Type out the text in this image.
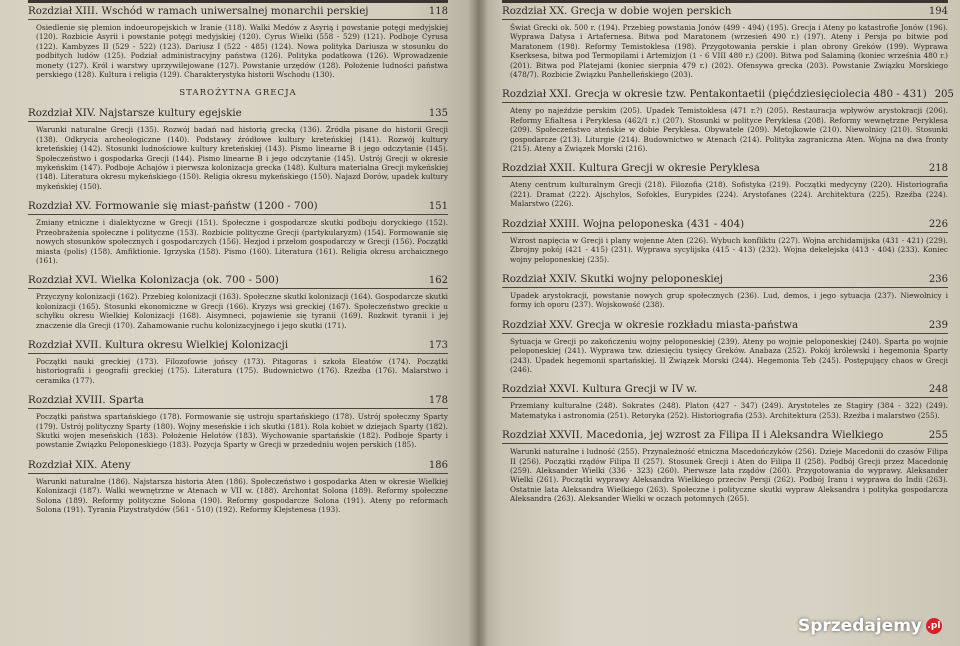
Rozdział XIII. Wschód w ramach uniwersalnej monarchii perskiej	118
Osiedlenie się plemion indoeuropejskich w Iranie (118). Walki Medów z Asyrią i powstanie potęgi medyjskiej (120). Rozbicie Asyrii i powstanie potęgi medyjskiej (120). Cyrus Wielki (558 - 529) (121). Podboje Cyrusa (122). Kambyzes II (529 - 522) (123). Dariusz I (522 - 485) (124). Nowa polityka Dariusza w stosunku do podbitych ludów (125). Podział administracyjny państwa (126). Polityka podatkowa (126). Wprowadzenie monety (127). Król i warstwy uprzywilejowane (127). Powstanie urzędów (128). Położenie ludności państwa perskiego (128). Kultura i religia (129). Charakterystyka historii Wschodu (130).
STAROŻYTNA GRECJA
Rozdział XIV. Najstarsze kultury egejskie	135
Warunki naturalne Grecji (135). Rozwój badań nad historią grecką (136). Źródła pisane do historii Grecji (138). Odkrycia archeologiczne (140). Podstawy źródłowe kultury kreteńskiej (141). Rozwój kultury kreteńskiej (142). Stosunki ludnościowe kultury kreteńskiej (143). Pismo linearne B i jego odczytanie (145). Społeczeństwo i gospodarka Grecji (144). Pismo linearne B i jego odczytanie (145). Ustrój Grecji w okresie mykeńskim (147). Podboje Achajów i pierwsza kolonizacja grecka (148). Kultura materialna Grecji mykeńskiej (148). Literatura okresu mykeńskiego (150). Religia okresu mykeńskiego (150). Najazd Dorów, upadek kultury mykeńskiej (150).
Rozdział XV. Formowanie się miast-państw (1200 - 700)	151
Zmiany etniczne i dialektyczne w Grecji (151). Społeczne i gospodarcze skutki podboju doryckiego (152). Przeobrażenia społeczne i polityczne (153). Rozbicie polityczne Grecji (partykularyzm) (154). Formowanie się nowych stosunków społecznych i gospodarczych (156). Hezjod i przełom gospodarczy w Grecji (156). Początki miasta (polis) (158). Amfiktionie. Igrzyska (158). Pismo (160). Literatura (161). Religia okresu archaicznego (161).
Rozdział XVI. Wielka Kolonizacja (ok. 700 - 500)	162
Przyczyny kolonizacji (162). Przebieg kolonizacji (163). Społeczne skutki kolonizacji (164). Gospodarcze skutki kolonizacji (165). Stosunki ekonomiczne w Grecji (166). Kryzys wsi greckiej (167). Społeczeństwo greckie u schyłku okresu Wielkiej Kolonizacji (168). Aisymneci, pojawienie się tyranii (169). Rozkwit tyranii i jej znaczenie dla Grecji (170). Zahamowanie ruchu kolonizacyjnego i jego skutki (171).
Rozdział XVII. Kultura okresu Wielkiej Kolonizacji	173
Początki nauki greckiej (173). Filozofowie jońscy (173). Pitagoras i szkoła Eleatów (174). Początki historiografii i geografii greckiej (175). Literatura (175). Budownictwo (176). Rzeźba (176). Malarstwo i ceramika (177).
Rozdział XVIII. Sparta	178
Początki państwa spartańskiego (178). Formowanie się ustroju spartańskiego (178). Ustrój społeczny Sparty (179). Ustrój polityczny Sparty (180). Wojny meseńskie i ich skutki (181). Rola kobiet w dziejach Sparty (182). Skutki wojen meseńskich (183). Położenie Helotów (183). Wychowanie spartańskie (182). Podboje Sparty i powstanie Związku Peloponeskiego (183). Pozycja Sparty w Grecji w przededniu wojen perskich (185).
Rozdział XIX. Ateny	186
Warunki naturalne (186). Najstarsza historia Aten (186). Społeczeństwo i gospodarka Aten w okresie Wielkiej Kolonizacji (187). Walki wewnętrzne w Atenach w VII w. (188). Archontat Solona (189). Reformy społeczne Solona (189). Reformy polityczne Solona (190). Reformy gospodarcze Solona (191). Ateny po reformach Solona (191). Tyrania Pizystratydów (561 - 510) (192). Reformy Klejstenesa (193).
Rozdział XX. Grecja w dobie wojen perskich	194
Świat Grecki ok. 500 r. (194). Przebieg powstania Jonów (499 - 494) (195). Grecja i Ateny po katastrofie Jonów (196). Wyprawa Datysa i Artafernesa. Bitwa pod Maratonem (wrzesień 490 r.) (197). Ateny i Persja po bitwie pod Maratonem (198). Reformy Temistoklesa (198). Przygotowania perskie i plan obrony Greków (199). Wyprawa Kserksesa, bitwa pod Termopilami i Artemizjon (1 - 6 VIII 480 r.) (200). Bitwa pod Salaminą (koniec września 480 r.) (201). Bitwa pod Platejami (koniec sierpnia 479 r.) (202). Ofensywa grecka (203). Powstanie Związku Morskiego (478/7). Rozbicie Związku Panhelleńskiego (203).
Rozdział XXI. Grecja w okresie tzw. Pentakontaetii (pięćdziesięciolecia 480 - 431) 205
Ateny po najeździe perskim (205). Upadek Temistoklesa (471 r.?) (205). Restauracja wpływów arystokracji (206). Reformy Efialtesa i Peryklesa (462/1 r.) (207). Stosunki w polityce Peryklesa (208). Reformy wewnętrzne Peryklesa (209). Społeczeństwo ateńskie w dobie Peryklesa. Obywatele (209). Metojkowie (210). Niewolnicy (210). Stosunki gospodarcze (213). Liturgie (214). Budownictwo w Atenach (214). Polityka zagraniczna Aten. Wojna na dwa fronty (215). Ateny a Związek Morski (216).
Rozdział XXII. Kultura Grecji w okresie Peryklesa	218
Ateny centrum kulturalnym Grecji (218). Filozofia (218). Sofistyka (219). Początki medycyny (220). Historiografia (221). Dramat (222). Ajschylos, Sofokles, Eurypides (224). Arystofanes (224). Architektura (225). Rzeźba (224). Malarstwo (226).
Rozdział XXIII. Wojna peloponeska (431 - 404)	226
Wzrost napięcia w Grecji i plany wojenne Aten (226). Wybuch konfliktu (227). Wojna archidamijska (431 - 421) (229). Zbrojny pokój (421 - 415) (231). Wyprawa sycylijska (415 - 413) (232). Wojna dekelejska (413 - 404) (233). Koniec wojny peloponeskiej (235).
Rozdział XXIV. Skutki wojny peloponeskiej	236
Upadek arystokracji, powstanie nowych grup społecznych (236). Lud, demos, i jego sytuacja (237). Niewolnicy i formy ich oporu (237). Wojskowość (238).
Rozdział XXV. Grecja w okresie rozkładu miasta-państwa	239
Sytuacja w Grecji po zakończeniu wojny peloponeskiej (239). Ateny po wojnie peloponeskiej (240). Sparta po wojnie peloponeskiej (241). Wyprawa tzw. dziesięciu tysięcy Greków. Anabaza (252). Pokój królewski i hegemonia Sparty (243). Upadek hegemonii spartańskiej. II Związek Morski (244). Hegemonia Teb (245). Postępujący chaos w Grecji (246).
Rozdział XXVI. Kultura Grecji w IV w.	248
Przemiany kulturalne (248). Sokrates (248). Platon (427 - 347) (249). Arystoteles ze Stagiry (384 - 322) (249). Matematyka i astronomia (251). Retoryka (252). Historiografia (253). Architektura (253). Rzeźba i malarstwo (255).
Rozdział XXVII. Macedonia, jej wzrost za Filipa II i Aleksandra Wielkiego	255
Warunki naturalne i ludność (255). Przynależność etniczna Macedończyków (256). Dzieje Macedonii do czasów Filipa II (256). Początki rządów Filipa II (257). Stosunek Grecji i Aten do Filipa II (258). Podbój Grecji przez Macedonię (259). Aleksander Wielki (336 - 323) (260). Pierwsze lata rządów (260). Przygotowania do wyprawy. Aleksander Wielki (261). Początki wyprawy Aleksandra Wielkiego przeciw Persji (262). Podbój Iranu i wyprawa do Indii (263). Ostatnie lata Aleksandra Wielkiego (263). Społeczne i polityczne skutki wypraw Aleksandra i polityka gospodarcza Aleksandra (263). Aleksander Wielki w oczach potomnych (265).
Sprzedajemy .pl
